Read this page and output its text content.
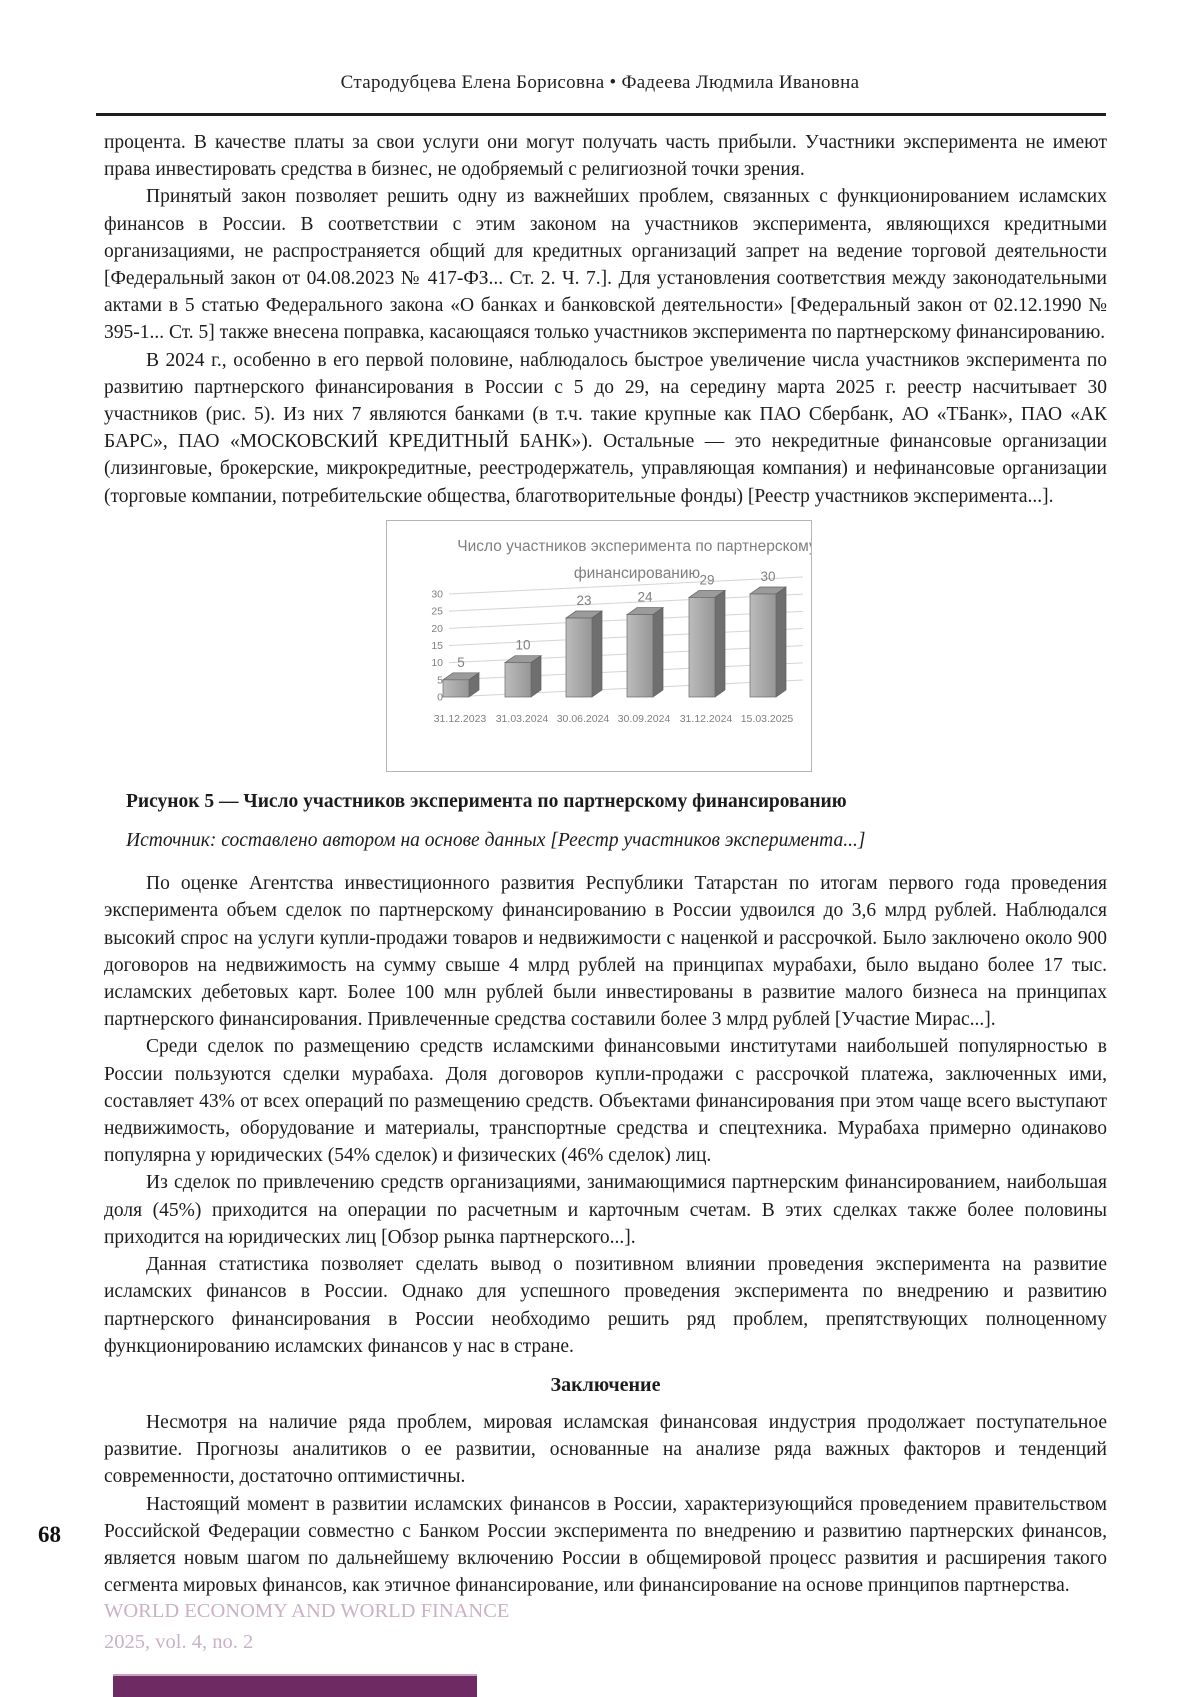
Стародубцева Елена Борисовна • Фадеева Людмила Ивановна

процента. В качестве платы за свои услуги они могут получать часть прибыли. Участники эксперимента не имеют права инвестировать средства в бизнес, не одобряемый с религиозной точки зрения.

Принятый закон позволяет решить одну из важнейших проблем, связанных с функционированием исламских финансов в России. В соответствии с этим законом на участников эксперимента, являющихся кредитными организациями, не распространяется общий для кредитных организаций запрет на ведение торговой деятельности [Федеральный закон от 04.08.2023 № 417-ФЗ... Ст. 2. Ч. 7.]. Для установления соответствия между законодательными актами в 5 статью Федерального закона «О банках и банковской деятельности» [Федеральный закон от 02.12.1990 № 395-1... Ст. 5] также внесена поправка, касающаяся только участников эксперимента по партнерскому финансированию.

В 2024 г., особенно в его первой половине, наблюдалось быстрое увеличение числа участников эксперимента по развитию партнерского финансирования в России с 5 до 29, на середину марта 2025 г. реестр насчитывает 30 участников (рис. 5). Из них 7 являются банками (в т.ч. такие крупные как ПАО Сбербанк, АО «ТБанк», ПАО «АК БАРС», ПАО «МОСКОВСКИЙ КРЕДИТНЫЙ БАНК»). Остальные — это некредитные финансовые организации (лизинговые, брокерские, микрокредитные, реестродержатель, управляющая компания) и нефинансовые организации (торговые компании, потребительские общества, благотворительные фонды) [Реестр участников эксперимента...].

Число участников эксперимента по партнерскому
финансированию
0
5
10
15
20
25
30
5
31.12.2023
10
31.03.2024
23
30.06.2024
24
30.09.2024
29
31.12.2024
30
15.03.2025

Рисунок 5 — Число участников эксперимента по партнерскому финансированию

Источник: составлено автором на основе данных [Реестр участников эксперимента...]

По оценке Агентства инвестиционного развития Республики Татарстан по итогам первого года проведения эксперимента объем сделок по партнерскому финансированию в России удвоился до 3,6 млрд рублей. Наблюдался высокий спрос на услуги купли-продажи товаров и недвижимости с наценкой и рассрочкой. Было заключено около 900 договоров на недвижимость на сумму свыше 4 млрд рублей на принципах мурабахи, было выдано более 17 тыс. исламских дебетовых карт. Более 100 млн рублей были инвестированы в развитие малого бизнеса на принципах партнерского финансирования. Привлеченные средства составили более 3 млрд рублей [Участие Мирас...].

Среди сделок по размещению средств исламскими финансовыми институтами наибольшей популярностью в России пользуются сделки мурабаха. Доля договоров купли-продажи с рассрочкой платежа, заключенных ими, составляет 43% от всех операций по размещению средств. Объектами финансирования при этом чаще всего выступают недвижимость, оборудование и материалы, транспортные средства и спецтехника. Мурабаха примерно одинаково популярна у юридических (54% сделок) и физических (46% сделок) лиц.

Из сделок по привлечению средств организациями, занимающимися партнерским финансированием, наибольшая доля (45%) приходится на операции по расчетным и карточным счетам. В этих сделках также более половины приходится на юридических лиц [Обзор рынка партнерского...].

Данная статистика позволяет сделать вывод о позитивном влиянии проведения эксперимента на развитие исламских финансов в России. Однако для успешного проведения эксперимента по внедрению и развитию партнерского финансирования в России необходимо решить ряд проблем, препятствующих полноценному функционированию исламских финансов у нас в стране.

Заключение

Несмотря на наличие ряда проблем, мировая исламская финансовая индустрия продолжает поступательное развитие. Прогнозы аналитиков о ее развитии, основанные на анализе ряда важных факторов и тенденций современности, достаточно оптимистичны.

Настоящий момент в развитии исламских финансов в России, характеризующийся проведением правительством Российской Федерации совместно с Банком России эксперимента по внедрению и развитию партнерских финансов, является новым шагом по дальнейшему включению России в общемировой процесс развития и расширения такого сегмента мировых финансов, как этичное финансирование, или финансирование на основе принципов партнерства.

68
WORLD ECONOMY AND WORLD FINANCE
2025, vol. 4, no. 2
